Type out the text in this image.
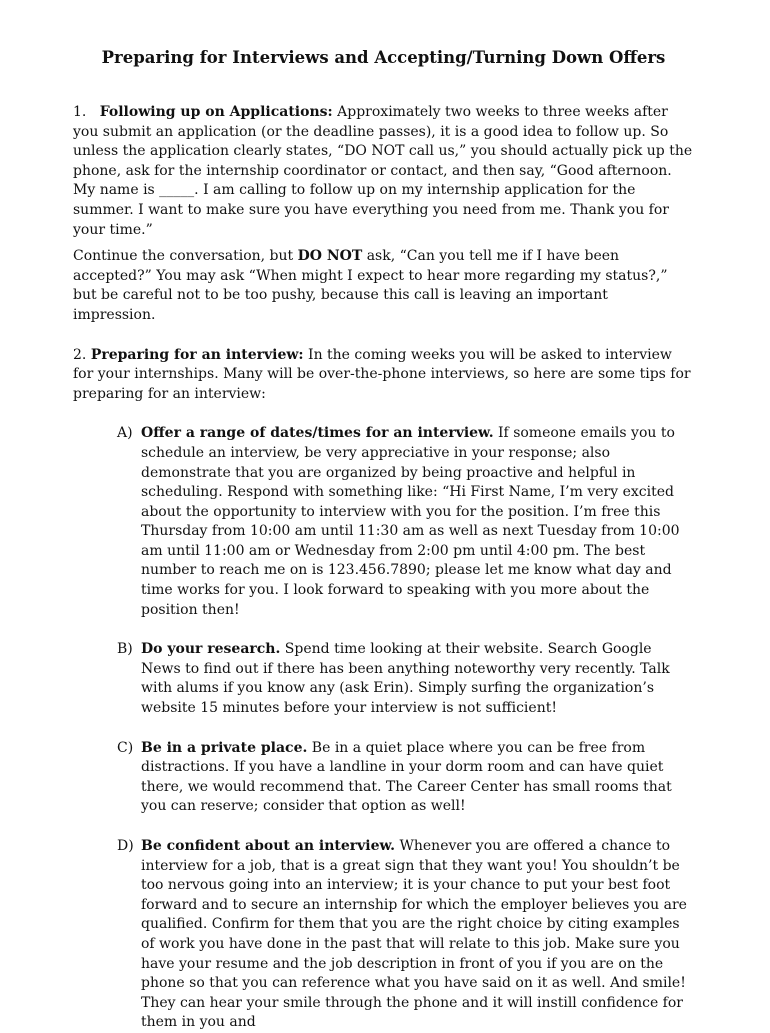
Preparing for Interviews and Accepting/Turning Down Offers

1. Following up on Applications: Approximately two weeks to three weeks after you submit an application (or the deadline passes), it is a good idea to follow up. So unless the application clearly states, “DO NOT call us,” you should actually pick up the phone, ask for the internship coordinator or contact, and then say, “Good afternoon. My name is _____. I am calling to follow up on my internship application for the summer. I want to make sure you have everything you need from me. Thank you for your time.”

Continue the conversation, but DO NOT ask, “Can you tell me if I have been accepted?” You may ask “When might I expect to hear more regarding my status?,” but be careful not to be too pushy, because this call is leaving an important impression.

2. Preparing for an interview: In the coming weeks you will be asked to interview for your internships. Many will be over-the-phone interviews, so here are some tips for preparing for an interview:

A) Offer a range of dates/times for an interview. If someone emails you to schedule an interview, be very appreciative in your response; also demonstrate that you are organized by being proactive and helpful in scheduling. Respond with something like: “Hi First Name, I’m very excited about the opportunity to interview with you for the position. I’m free this Thursday from 10:00 am until 11:30 am as well as next Tuesday from 10:00 am until 11:00 am or Wednesday from 2:00 pm until 4:00 pm. The best number to reach me on is 123.456.7890; please let me know what day and time works for you. I look forward to speaking with you more about the position then!
B) Do your research. Spend time looking at their website. Search Google News to find out if there has been anything noteworthy very recently. Talk with alums if you know any (ask Erin). Simply surfing the organization’s website 15 minutes before your interview is not sufficient!
C) Be in a private place. Be in a quiet place where you can be free from distractions. If you have a landline in your dorm room and can have quiet there, we would recommend that. The Career Center has small rooms that you can reserve; consider that option as well!
D) Be confident about an interview. Whenever you are offered a chance to interview for a job, that is a great sign that they want you! You shouldn’t be too nervous going into an interview; it is your chance to put your best foot forward and to secure an internship for which the employer believes you are qualified. Confirm for them that you are the right choice by citing examples of work you have done in the past that will relate to this job. Make sure you have your resume and the job description in front of you if you are on the phone so that you can reference what you have said on it as well. And smile! They can hear your smile through the phone and it will instill confidence for them in you and
